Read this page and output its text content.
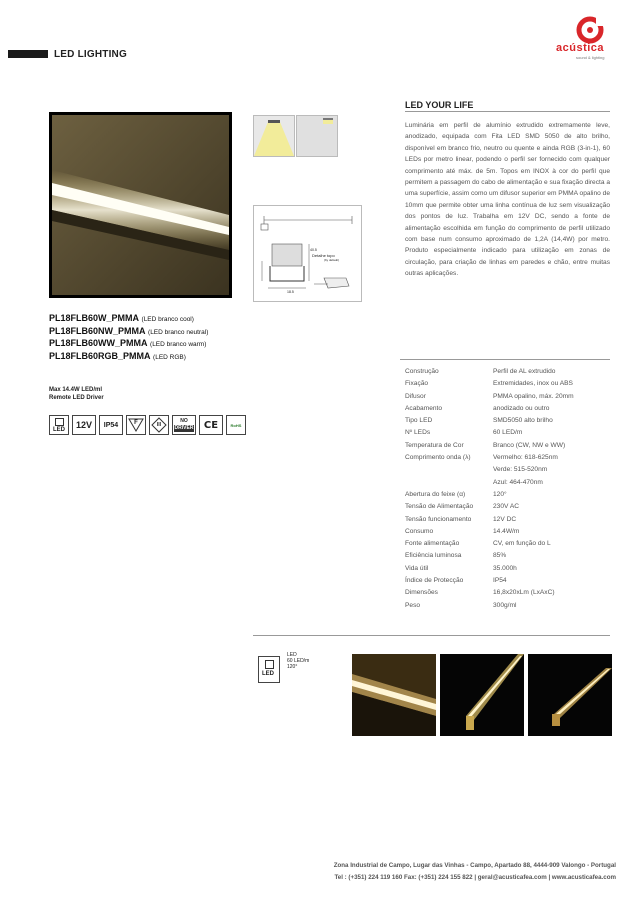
LED LIGHTING
acústica
sound & lighting
Detalhe topo
(by default)
18.5
40.5
PL18FLB60W_PMMA (LED branco cool)
PL18FLB60NW_PMMA (LED branco neutral)
PL18FLB60WW_PMMA (LED branco warm)
PL18FLB60RGB_PMMA (LED RGB)
Max 14.4W LED/ml
Remote LED Driver
LED 12V IP54	F	III
NO
DRIVER CE	RoHS
LED YOUR LIFE
Luminária em perfil de alumínio extrudido extremamente leve, anodizado, equipada com Fita LED SMD 5050 de alto brilho, disponível em branco frio, neutro ou quente e ainda RGB (3-in-1), 60 LEDs por metro linear, podendo o perfil ser fornecido com qualquer comprimento até máx. de 5m. Topos em INOX à cor do perfil que permitem a passagem do cabo de alimentação e sua fixação directa a uma superfície, assim como um difusor superior em PMMA opalino de 10mm que permite obter uma linha contínua de luz sem visualização dos pontos de luz. Trabalha em 12V DC, sendo a fonte de alimentação escolhida em função do comprimento de perfil utilizado com base num consumo aproximado de 1,2A (14,4W) por metro. Produto especialmente indicado para utilização em zonas de circulação, para criação de linhas em paredes e chão, entre muitas outras aplicações.
Construção	Perfil de AL extrudido

Fixação	Extremidades, inox ou ABS

Difusor	PMMA opalino, máx. 20mm

Acabamento	anodizado ou outro

Tipo LED	SMD5050 alto brilho

Nº LEDs	60 LED/m

Temperatura de Cor	Branco (CW, NW e WW)

Comprimento onda (λ)	Vermelho: 618-625nm
Verde: 515-520nm
Azul: 464-470nm

Abertura do feixe (α)	120°

Tensão de Alimentação	230V AC

Tensão funcionamento	12V DC

Consumo	14.4W/m

Fonte alimentação	CV, em função do L

Eficiência luminosa	85%

Vida útil	35.000h

Índice de Protecção	IP54

Dimensões	16,8x20xLm (LxAxC)

Peso	300g/ml
LED
LED
60 LED/m
120°
Zona Industrial de Campo, Lugar das Vinhas - Campo, Apartado 88, 4444-909 Valongo - Portugal
Tel : (+351) 224 119 160 Fax: (+351) 224 155 822 | geral@acusticafea.com | www.acusticafea.com
